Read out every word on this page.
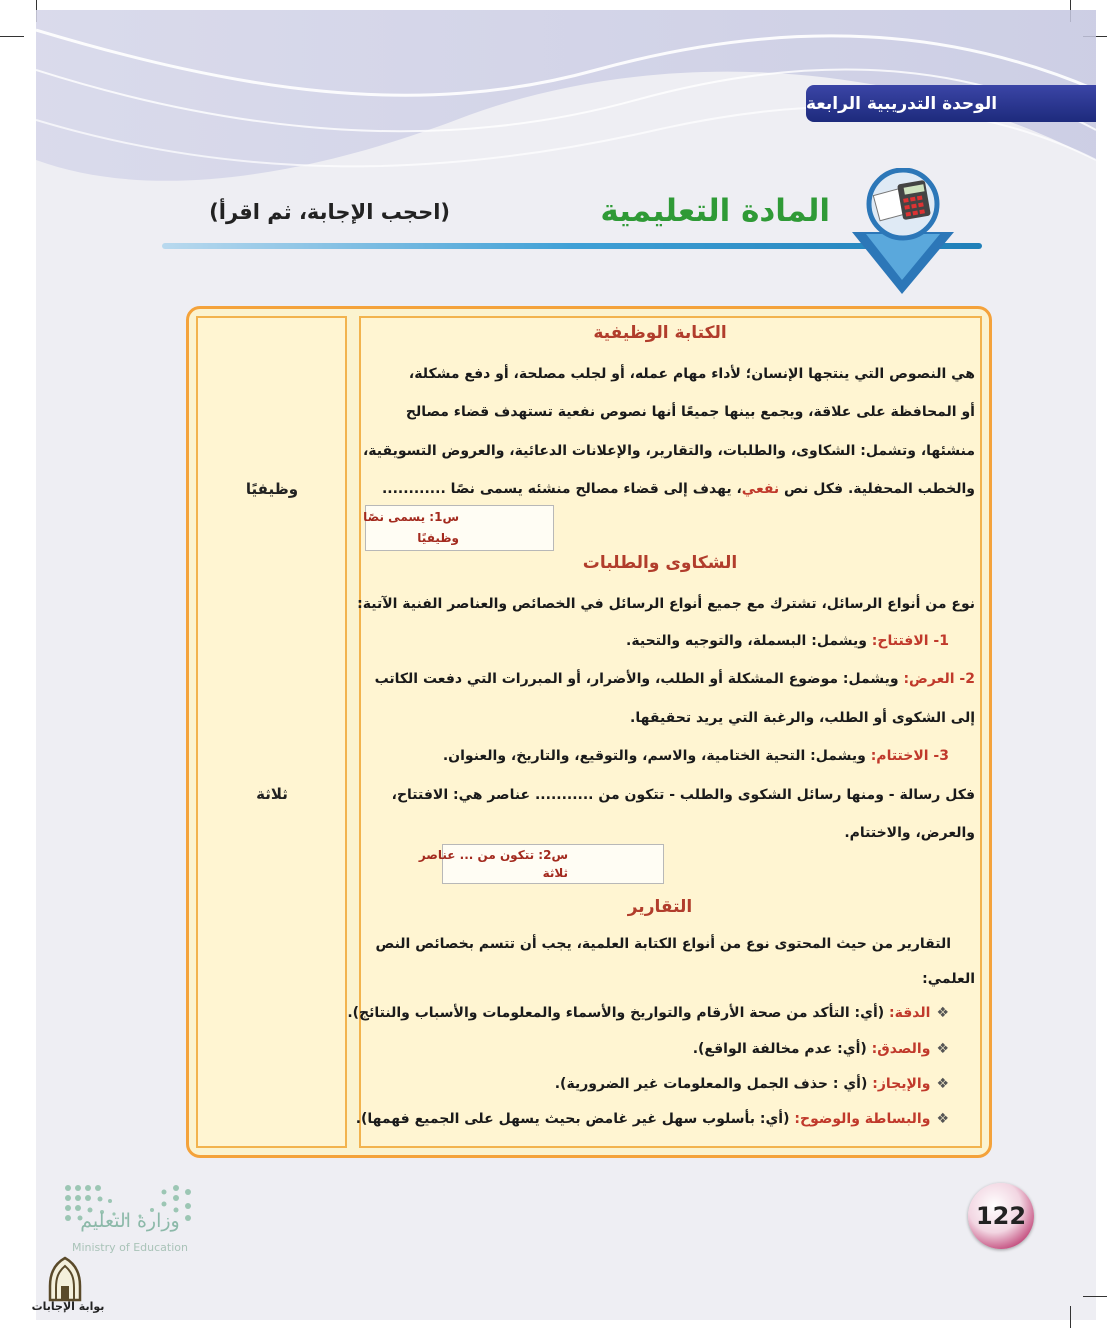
الوحدة التدريبية الرابعة
المادة التعليمية
(احجب الإجابة، ثم اقرأ)
وظيفيًا
ثلاثة
الكتابة الوظيفية
هي النصوص التي ينتجها الإنسان؛ لأداء مهام عمله، أو لجلب مصلحة، أو دفع مشكلة،
أو المحافظة على علاقة، ويجمع بينها جميعًا أنها نصوص نفعية تستهدف قضاء مصالح
منشئها، وتشمل: الشكاوى، والطلبات، والتقارير، والإعلانات الدعائية، والعروض التسويقية،
والخطب المحفلية. فكل نص نفعي، يهدف إلى قضاء مصالح منشئه يسمى نصًا ............
س1: يسمى نصًا
وظيفيًا
الشكاوى والطلبات
نوع من أنواع الرسائل، تشترك مع جميع أنواع الرسائل في الخصائص والعناصر الفنية الآتية:
1- الافتتاح: ويشمل: البسملة، والتوجيه والتحية.
2- العرض: ويشمل: موضوع المشكلة أو الطلب، والأضرار، أو المبررات التي دفعت الكاتب
إلى الشكوى أو الطلب، والرغبة التي يريد تحقيقها.
3- الاختتام: ويشمل: التحية الختامية، والاسم، والتوقيع، والتاريخ، والعنوان.
فكل رسالة - ومنها رسائل الشكوى والطلب - تتكون من ........... عناصر هي: الافتتاح،
والعرض، والاختتام.
س2: تتكون من ... عناصر
ثلاثة
التقارير
التقارير من حيث المحتوى نوع من أنواع الكتابة العلمية، يجب أن تتسم بخصائص النص
العلمي:
❖الدقة: (أي: التأكد من صحة الأرقام والتواريخ والأسماء والمعلومات والأسباب والنتائج).
❖والصدق: (أي: عدم مخالفة الواقع).
❖والإيجاز: (أي : حذف الجمل والمعلومات غير الضرورية).
❖والبساطة والوضوح: (أي: بأسلوب سهل غير غامض بحيث يسهل على الجميع فهمها).
وزارة التعليم
Ministry of Education
بوابة الإجابات
122
